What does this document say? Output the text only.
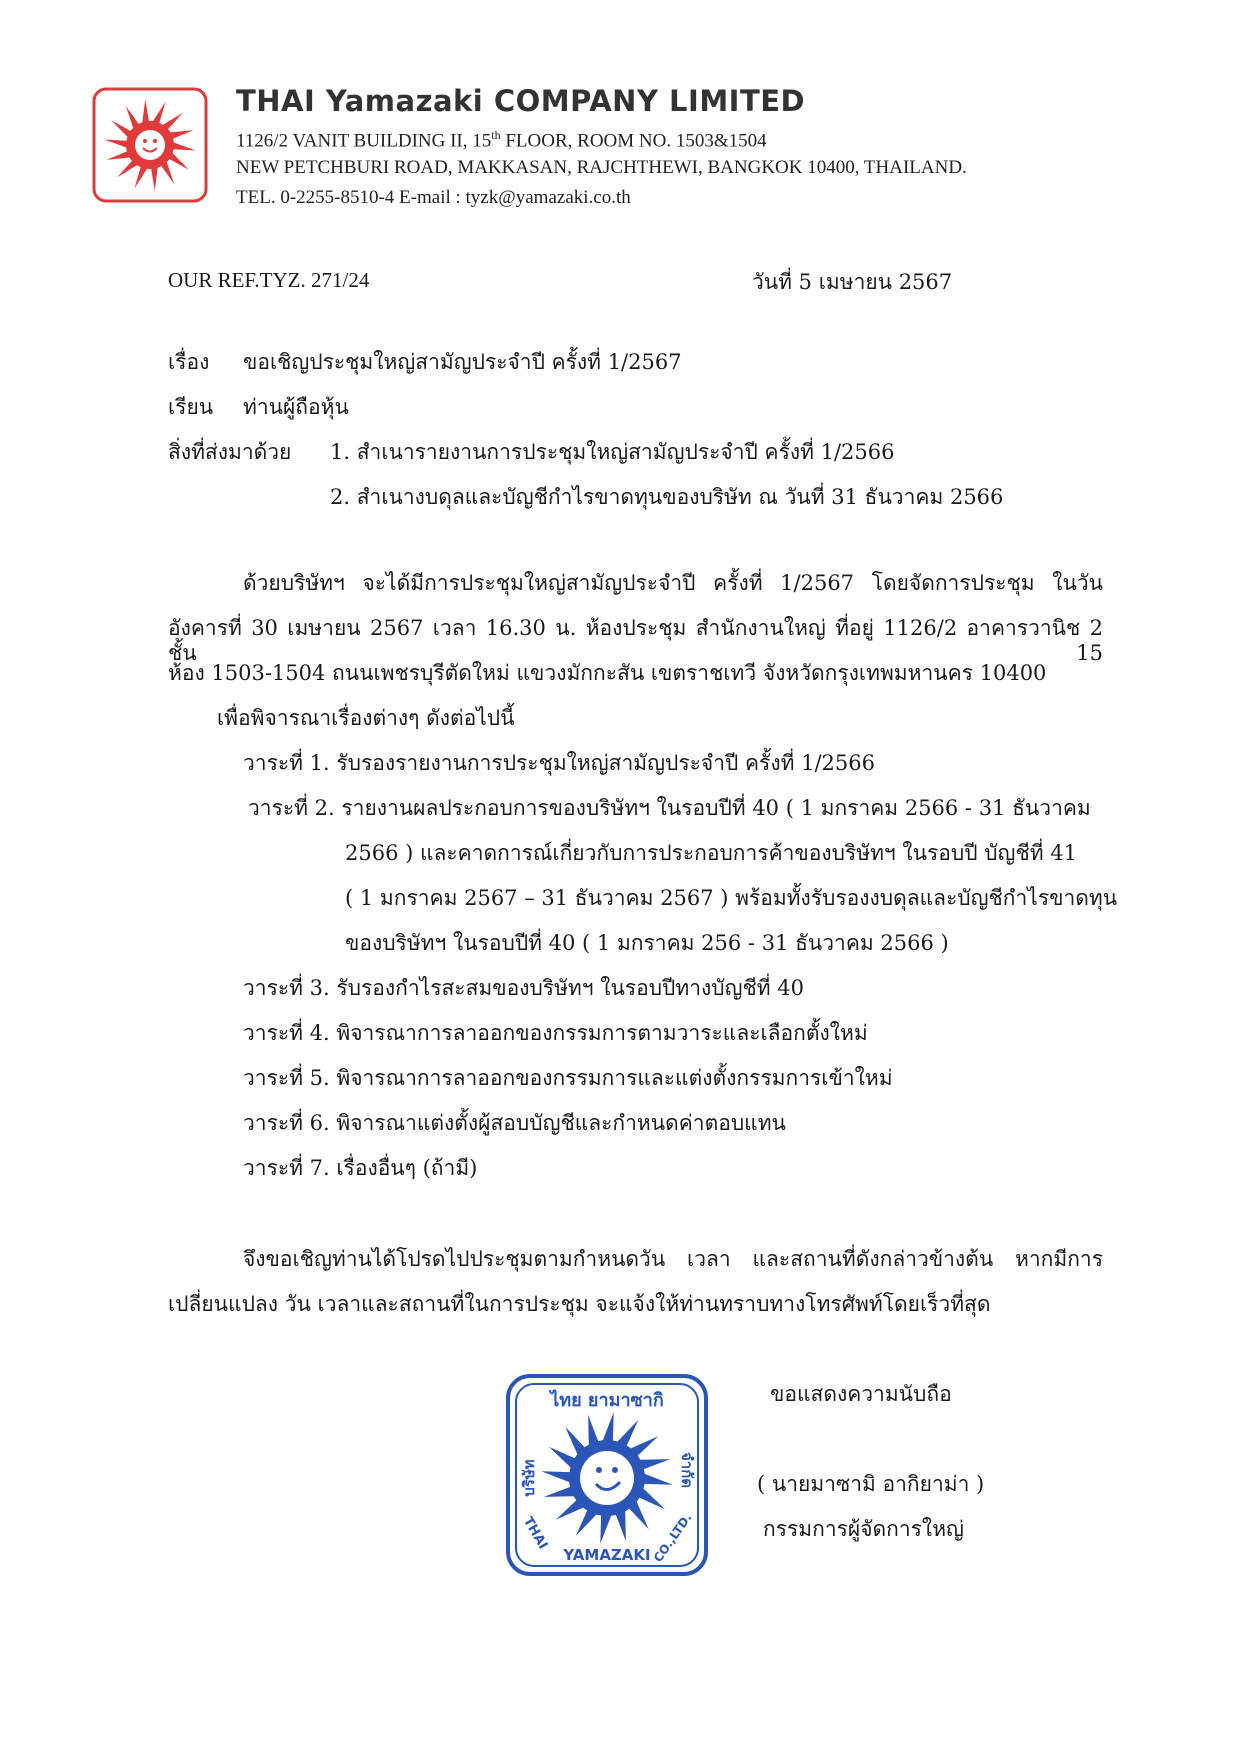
THAI Yamazaki COMPANY LIMITED
1126/2 VANIT BUILDING II, 15th FLOOR, ROOM NO. 1503&1504
NEW PETCHBURI ROAD, MAKKASAN, RAJCHTHEWI, BANGKOK 10400, THAILAND.
TEL. 0-2255-8510-4 E-mail : tyzk@yamazaki.co.th
OUR REF.TYZ. 271/24	วันที่ 5 เมษายน 2567
เรื่อง ขอเชิญประชุมใหญ่สามัญประจำปี ครั้งที่ 1/2567
เรียน ท่านผู้ถือหุ้น
สิ่งที่ส่งมาด้วย 1. สำเนารายงานการประชุมใหญ่สามัญประจำปี ครั้งที่ 1/2566
2. สำเนางบดุลและบัญชีกำไรขาดทุนของบริษัท ณ วันที่ 31 ธันวาคม 2566
ด้วยบริษัทฯ จะได้มีการประชุมใหญ่สามัญประจำปี ครั้งที่ 1/2567 โดยจัดการประชุม ในวัน
อังคารที่ 30 เมษายน 2567 เวลา 16.30 น. ห้องประชุม สำนักงานใหญ่ ที่อยู่ 1126/2 อาคารวานิช 2 ชั้น 15
ห้อง 1503-1504 ถนนเพชรบุรีตัดใหม่ แขวงมักกะสัน เขตราชเทวี จังหวัดกรุงเทพมหานคร 10400
เพื่อพิจารณาเรื่องต่างๆ ดังต่อไปนี้
วาระที่ 1. รับรองรายงานการประชุมใหญ่สามัญประจำปี ครั้งที่ 1/2566
วาระที่ 2. รายงานผลประกอบการของบริษัทฯ ในรอบปีที่ 40 ( 1 มกราคม 2566 - 31 ธันวาคม
2566 ) และคาดการณ์เกี่ยวกับการประกอบการค้าของบริษัทฯ ในรอบปี บัญชีที่ 41
( 1 มกราคม 2567 – 31 ธันวาคม 2567 ) พร้อมทั้งรับรองงบดุลและบัญชีกำไรขาดทุน
ของบริษัทฯ ในรอบปีที่ 40 ( 1 มกราคม 256 - 31 ธันวาคม 2566 )
วาระที่ 3. รับรองกำไรสะสมของบริษัทฯ ในรอบปีทางบัญชีที่ 40
วาระที่ 4. พิจารณาการลาออกของกรรมการตามวาระและเลือกตั้งใหม่
วาระที่ 5. พิจารณาการลาออกของกรรมการและแต่งตั้งกรรมการเข้าใหม่
วาระที่ 6. พิจารณาแต่งตั้งผู้สอบบัญชีและกำหนดค่าตอบแทน
วาระที่ 7. เรื่องอื่นๆ (ถ้ามี)
จึงขอเชิญท่านได้โปรดไปประชุมตามกำหนดวัน เวลา และสถานที่ดังกล่าวข้างต้น หากมีการ
เปลี่ยนแปลง วัน เวลาและสถานที่ในการประชุม จะแจ้งให้ท่านทราบทางโทรศัพท์โดยเร็วที่สุด
ไทย ยามาซากิ
บริษัท	จำกัด
YAMAZAKI
THAI	CO.,LTD.
ขอแสดงความนับถือ
( นายมาซามิ อากิยาม่า )
กรรมการผู้จัดการใหญ่
